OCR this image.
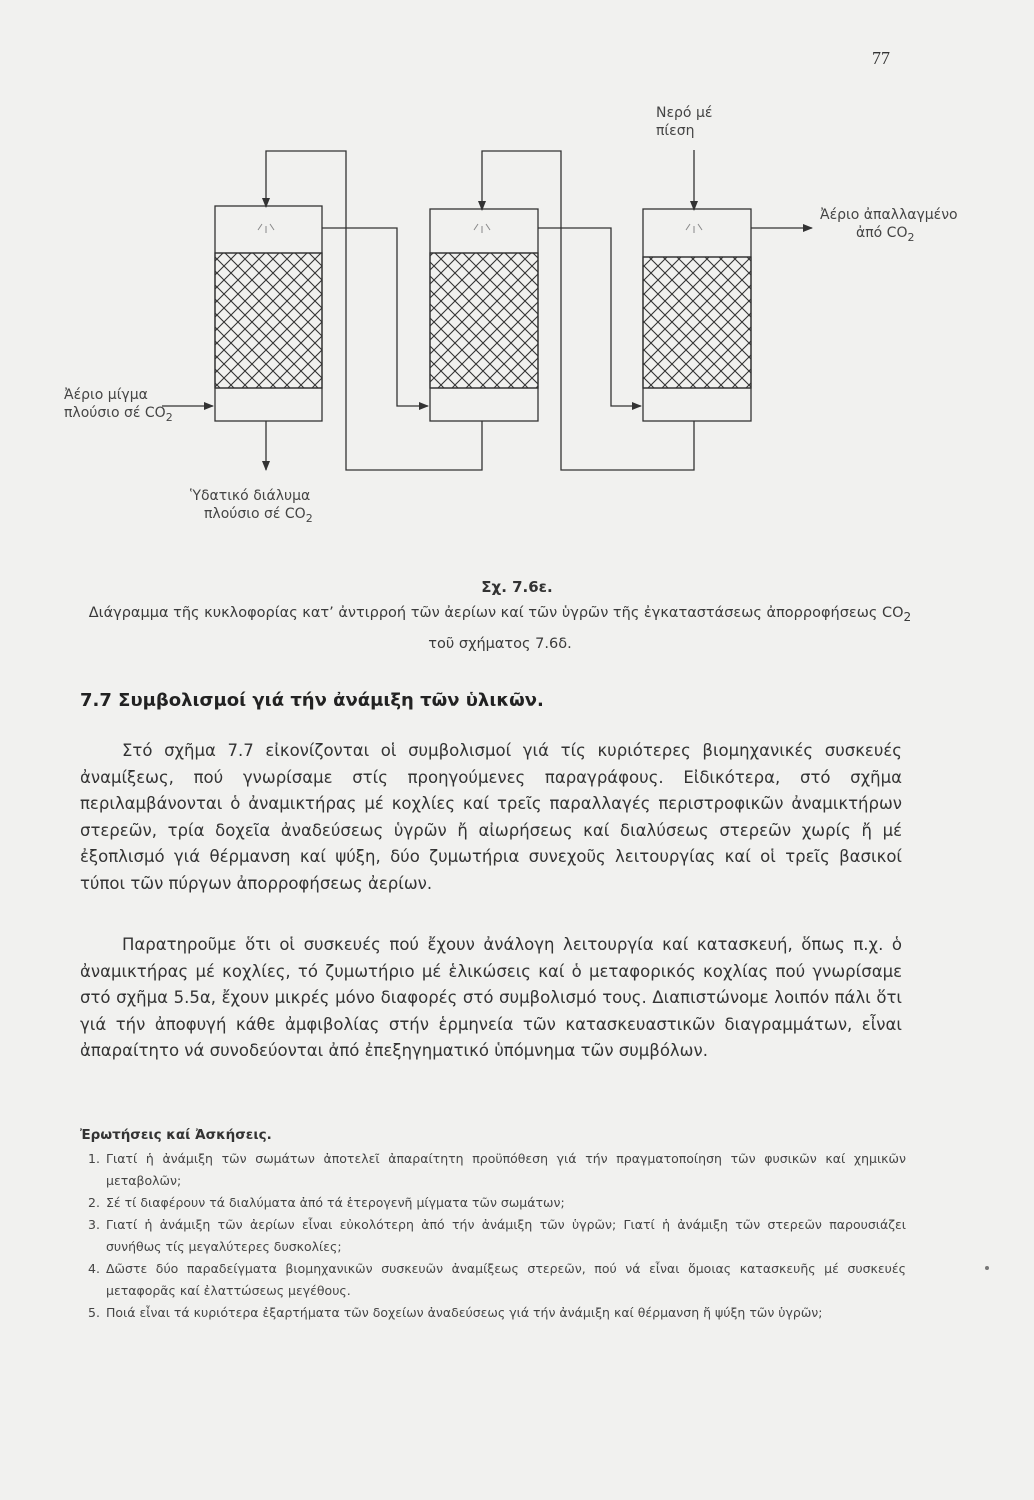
77
Νερό μέ
πίεση
Ἀέριο ἀπαλλαγμένο
ἀπό $CO_2$
Ἀέριο μίγμα
πλούσιο σέ $CO_2$
Ὑδατικό διάλυμα
πλούσιο σέ $CO_2$
Σχ. 7.6ε.
Διάγραμμα τῆς κυκλοφορίας κατ’ ἀντιρροή τῶν ἀερίων καί τῶν ὑγρῶν τῆς ἐγκαταστάσεως ἀπορροφήσεως $CO_2$ τοῦ σχήματος 7.6δ.
7.7 Συμβολισμοί γιά τήν ἀνάμιξη τῶν ὑλικῶν.

Στό σχῆμα 7.7 εἰκονίζονται οἱ συμβολισμοί γιά τίς κυριότερες βιομηχανικές συσκευές ἀναμίξεως, πού γνωρίσαμε στίς προηγούμενες παραγράφους. Εἰδικότερα, στό σχῆμα περιλαμβάνονται ὁ ἀναμικτήρας μέ κοχλίες καί τρεῖς παραλλαγές περιστροφικῶν ἀναμικτήρων στερεῶν, τρία δοχεῖα ἀναδεύσεως ὑγρῶν ἤ αἰωρήσεως καί διαλύσεως στερεῶν χωρίς ἤ μέ ἐξοπλισμό γιά θέρμανση καί ψύξη, δύο ζυμωτήρια συνεχοῦς λειτουργίας καί οἱ τρεῖς βασικοί τύποι τῶν πύργων ἀπορροφήσεως ἀερίων.

Παρατηροῦμε ὅτι οἱ συσκευές πού ἔχουν ἀνάλογη λειτουργία καί κατασκευή, ὅπως π.χ. ὁ ἀναμικτήρας μέ κοχλίες, τό ζυμωτήριο μέ ἑλικώσεις καί ὁ μεταφορικός κοχλίας πού γνωρίσαμε στό σχῆμα 5.5α, ἔχουν μικρές μόνο διαφορές στό συμβολισμό τους. Διαπιστώνομε λοιπόν πάλι ὅτι γιά τήν ἀποφυγή κάθε ἀμφιβολίας στήν ἑρμηνεία τῶν κατασκευαστικῶν διαγραμμάτων, εἶναι ἀπαραίτητο νά συνοδεύονται ἀπό ἐπεξηγηματικό ὑπόμνημα τῶν συμβόλων.

Ἐρωτήσεις καί Ἀσκήσεις.
1. Γιατί ἡ ἀνάμιξη τῶν σωμάτων ἀποτελεῖ ἀπαραίτητη προϋπόθεση γιά τήν πραγματοποίηση τῶν φυσικῶν καί χημικῶν μεταβολῶν;
2. Σέ τί διαφέρουν τά διαλύματα ἀπό τά ἑτερογενῆ μίγματα τῶν σωμάτων;
3. Γιατί ἡ ἀνάμιξη τῶν ἀερίων εἶναι εὐκολότερη ἀπό τήν ἀνάμιξη τῶν ὑγρῶν; Γιατί ἡ ἀνάμιξη τῶν στερεῶν παρουσιάζει συνήθως τίς μεγαλύτερες δυσκολίες;
4. Δῶστε δύο παραδείγματα βιομηχανικῶν συσκευῶν ἀναμίξεως στερεῶν, πού νά εἶναι ὅμοιας κατασκευῆς μέ συσκευές μεταφορᾶς καί ἐλαττώσεως μεγέθους.
5. Ποιά εἶναι τά κυριότερα ἐξαρτήματα τῶν δοχείων ἀναδεύσεως γιά τήν ἀνάμιξη καί θέρμανση ἤ ψύξη τῶν ὑγρῶν;
